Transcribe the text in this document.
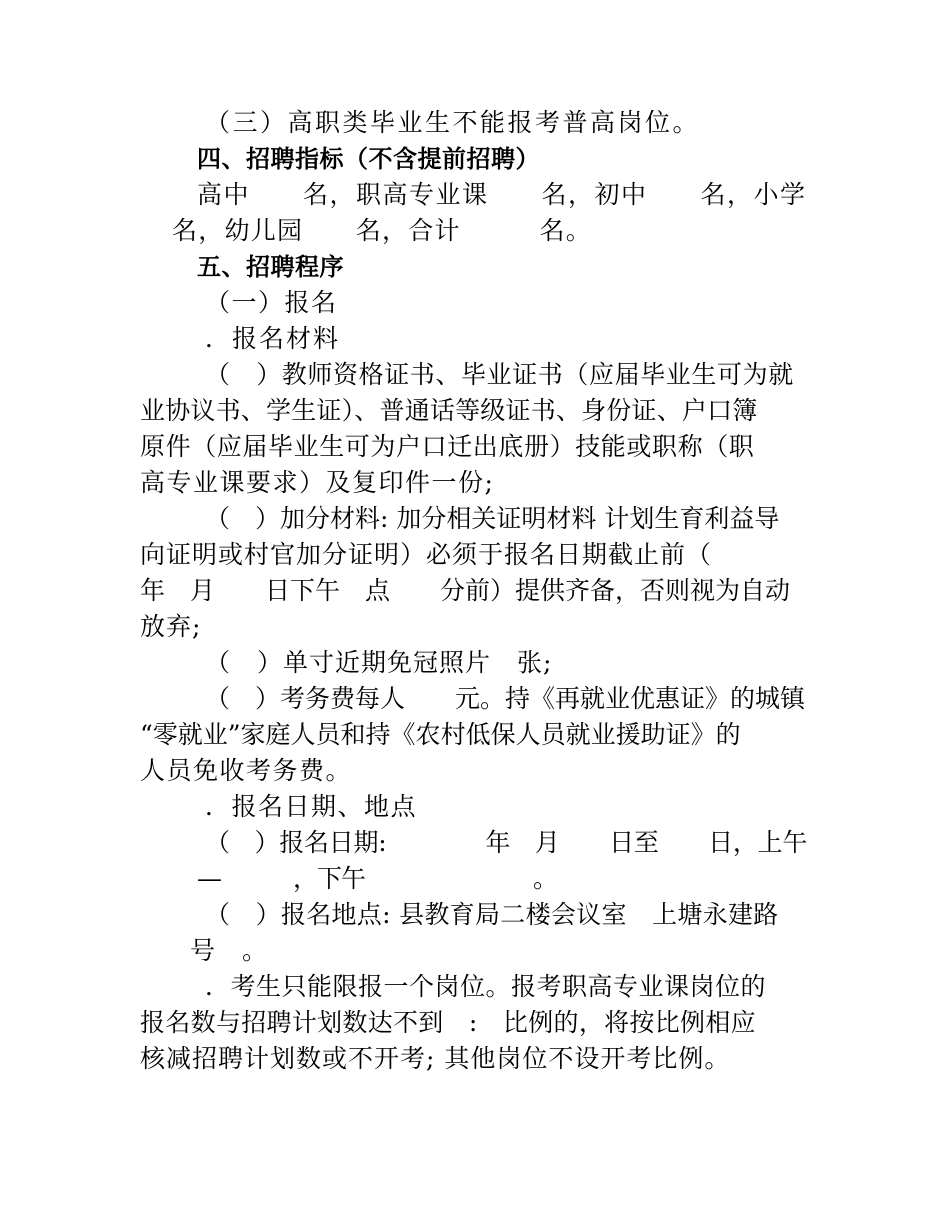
（三）高职类毕业生不能报考普高岗位。
四、招聘指标（不含提前招聘）
高中　　名，职高专业课　　名，初中　　名，小学
名，幼儿园　　名，合计　　　名。
五、招聘程序
（一）报名
．报名材料
（　）教师资格证书、毕业证书（应届毕业生可为就
业协议书、学生证）、普通话等级证书、身份证、户口簿
原件（应届毕业生可为户口迁出底册）技能或职称（职
高专业课要求）及复印件一份;
（　）加分材料: 加分相关证明材料 计划生育利益导
向证明或村官加分证明）必须于报名日期截止前（
年　月　　日下午　点　　分前）提供齐备，否则视为自动
放弃;
（　）单寸近期免冠照片　张;
（　）考务费每人　　元。持《再就业优惠证》的城镇
“零就业”家庭人员和持《农村低保人员就业援助证》的
人员免收考务费。
．报名日期、地点
（　）报名日期:　　　　年　月　　日至　　日，上午
—　　　，下午　　　　　　　。
（　）报名地点: 县教育局二楼会议室　上塘永建路
号　。
．考生只能限报一个岗位。报考职高专业课岗位的
报名数与招聘计划数达不到　:　比例的，将按比例相应
核减招聘计划数或不开考; 其他岗位不设开考比例。
